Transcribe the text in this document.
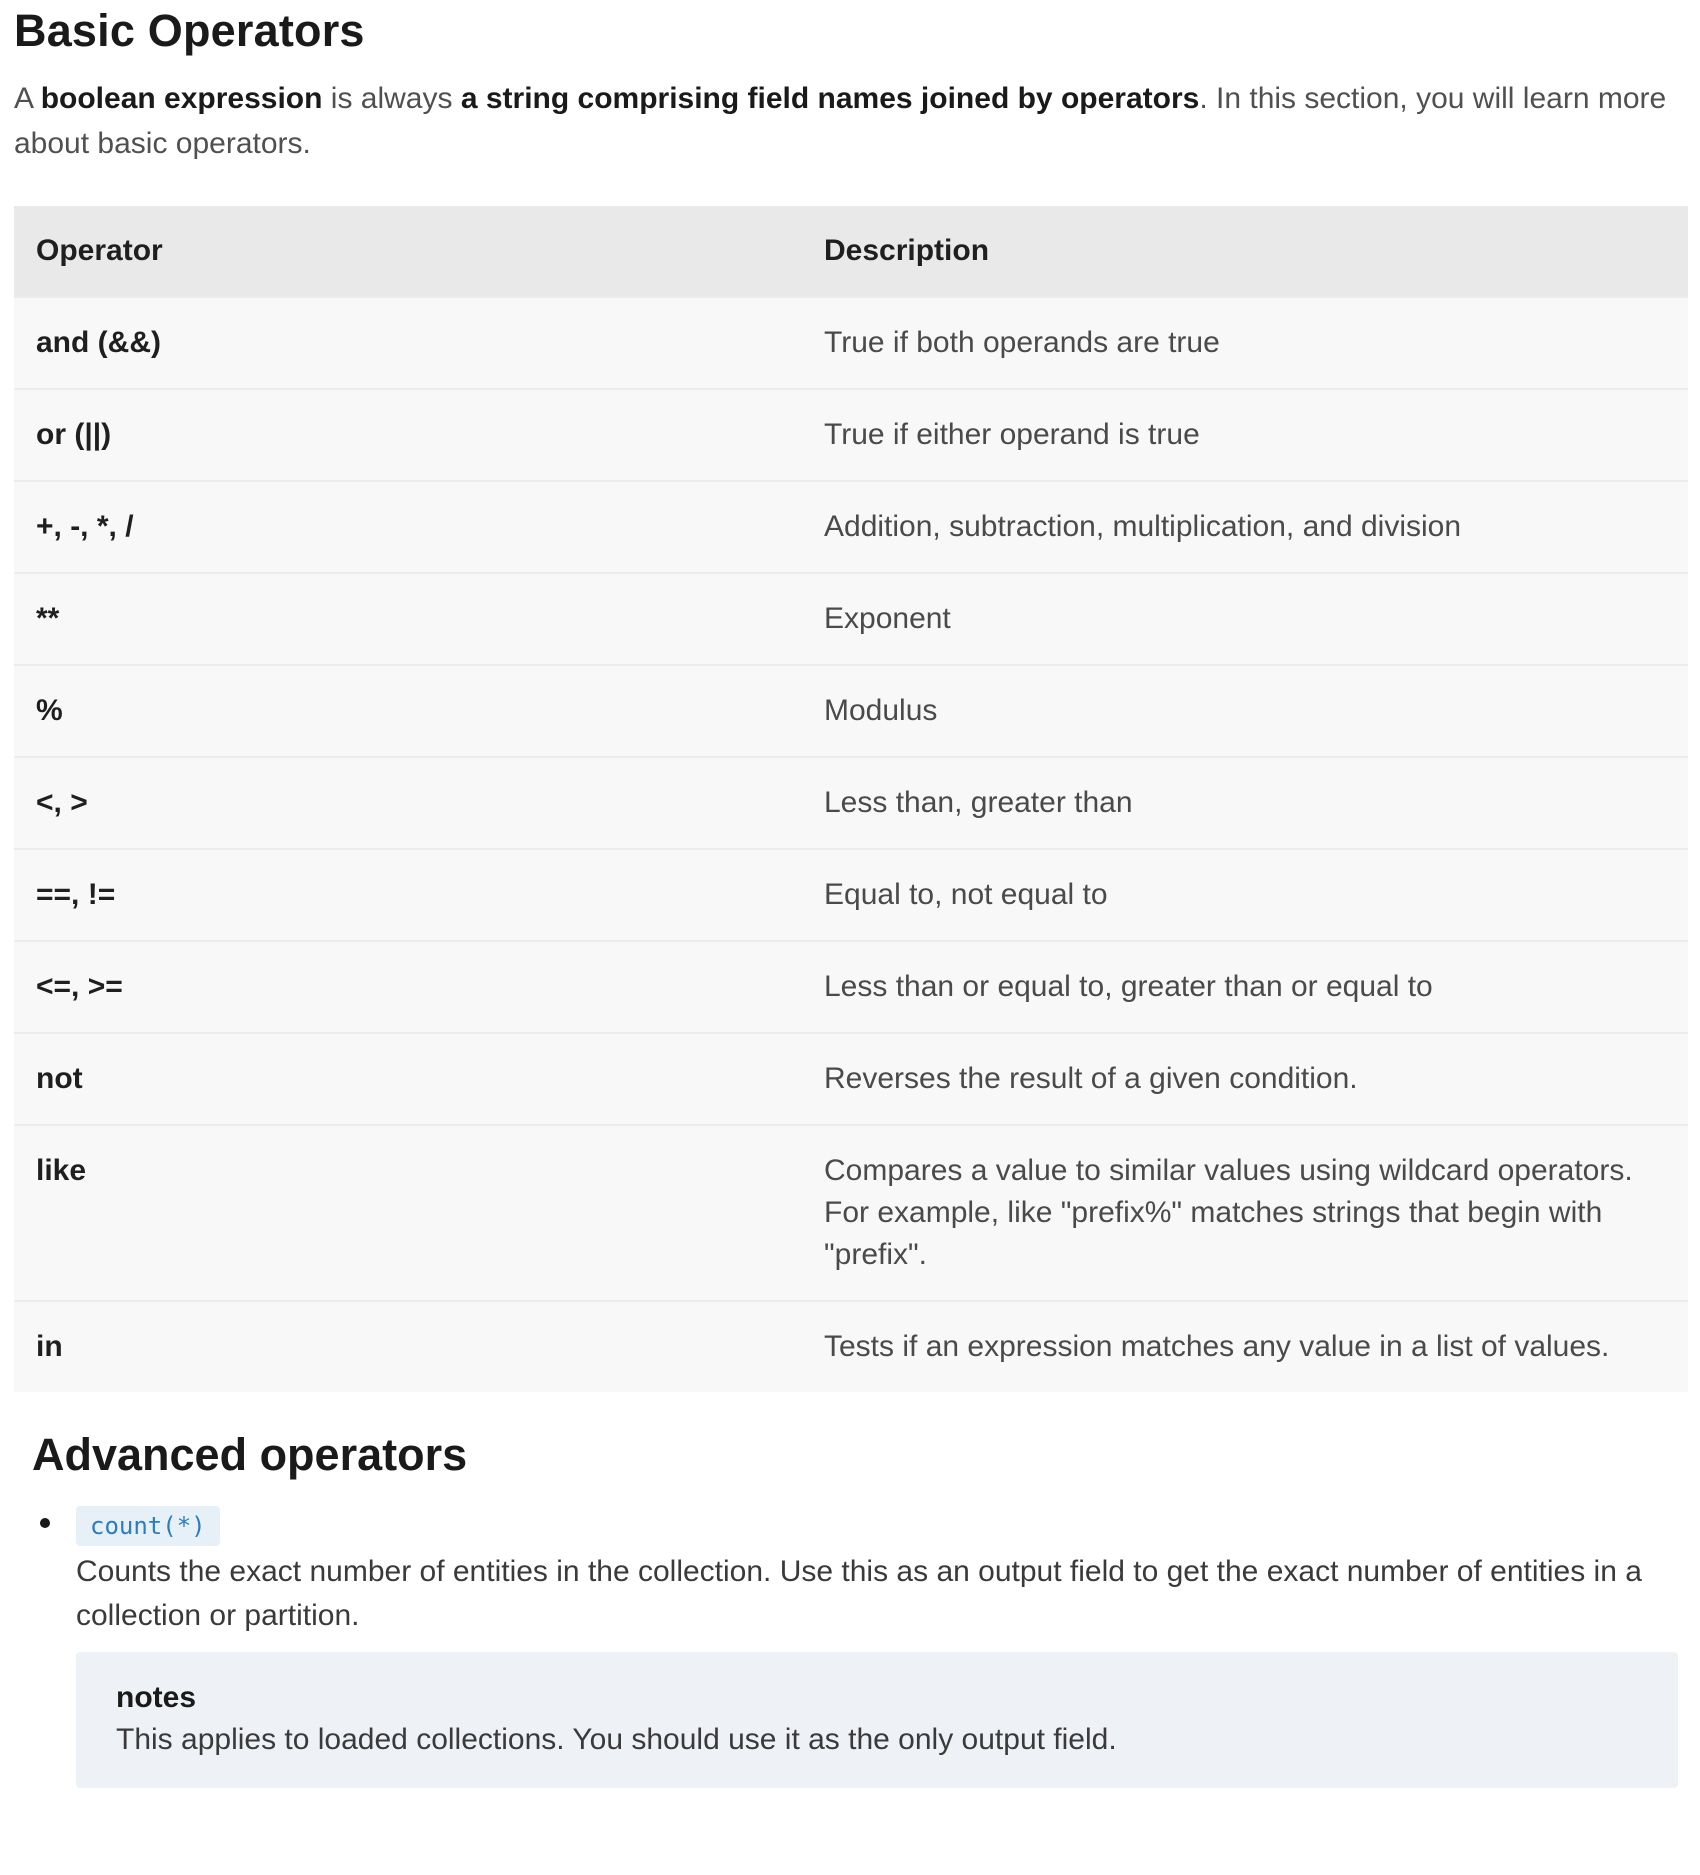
Basic Operators

A boolean expression is always a string comprising field names joined by operators. In this section, you will learn more about basic operators.

Operator	Description
and (&&)	True if both operands are true

or (||)	True if either operand is true

+, -, *, /	Addition, subtraction, multiplication, and division

**	Exponent

%	Modulus

<, >	Less than, greater than

==, !=	Equal to, not equal to

<=, >=	Less than or equal to, greater than or equal to

not	Reverses the result of a given condition.

like	Compares a value to similar values using wildcard operators.
For example, like "prefix%" matches strings that begin with "prefix".

in	Tests if an expression matches any value in a list of values.
Advanced operators
count(*)

Counts the exact number of entities in the collection. Use this as an output field to get the exact number of entities in a collection or partition.

notes
This applies to loaded collections. You should use it as the only output field.
